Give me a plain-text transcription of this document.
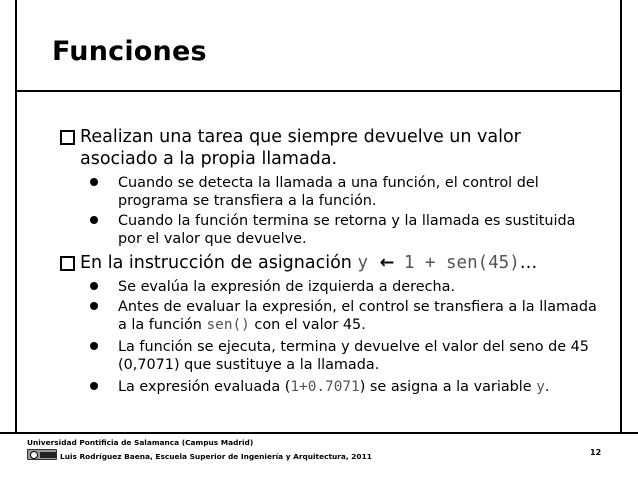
Funciones
Realizan una tarea que siempre devuelve un valor asociado a la propia llamada.
Cuando se detecta la llamada a una función, el control del programa se transfiera a la función.
Cuando la función termina se retorna y la llamada es sustituida por el valor que devuelve.
En la instrucción de asignación y ← 1 + sen(45)…
Se evalúa la expresión de izquierda a derecha.
Antes de evaluar la expresión, el control se transfiera a la llamada a la función sen() con el valor 45.
La función se ejecuta, termina y devuelve el valor del seno de 45 (0,7071) que sustituye a la llamada.
La expresión evaluada (1+0.7071) se asigna a la variable y.
Universidad Pontificia de Salamanca (Campus Madrid)
Luis Rodríguez Baena, Escuela Superior de Ingeniería y Arquitectura, 2011	12
